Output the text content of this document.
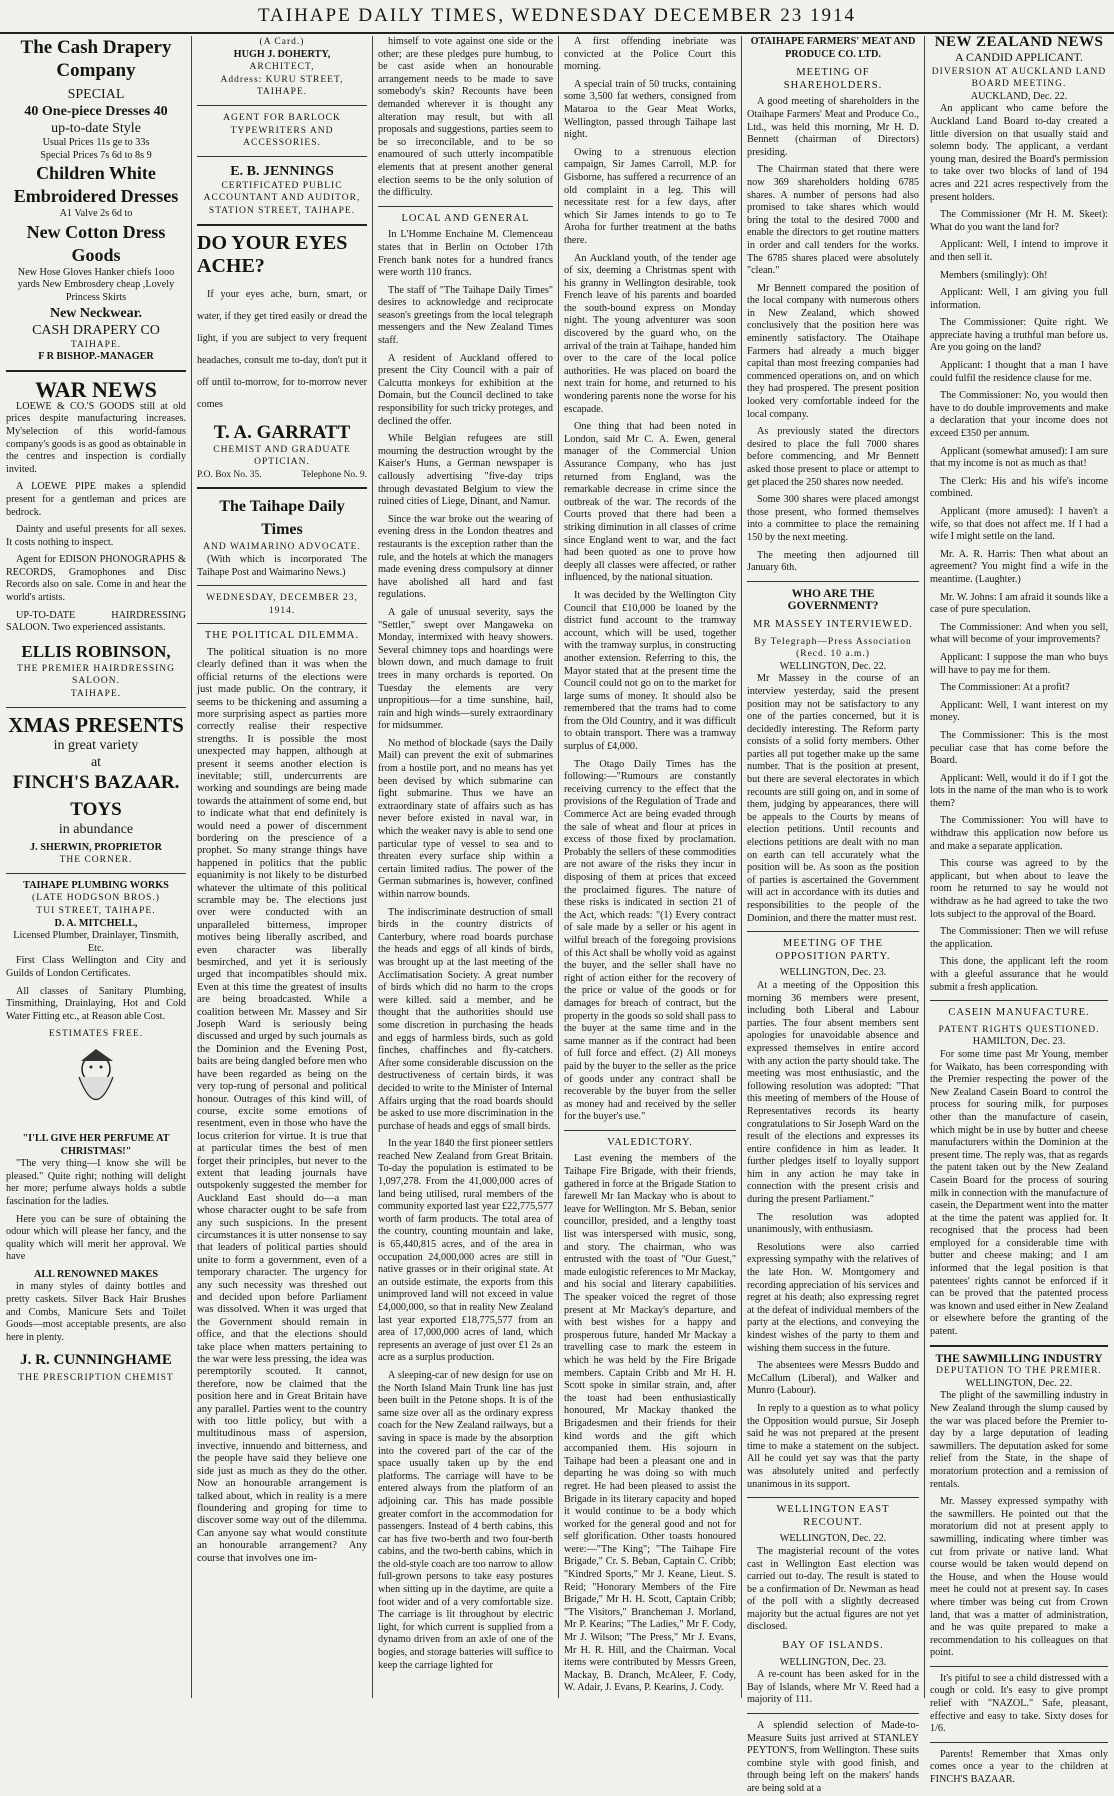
TAIHAPE DAILY TIMES, WEDNESDAY DECEMBER 23 1914
The Cash Drapery Company
SPECIAL
40 One-piece Dresses 40
up-to-date Style
Usual Prices 11s ge to 33s
Special Prices 7s 6d to 8s 9
Children White Embroidered Dresses
A1 Valve 2s 6d to
New Cotton Dress Goods
New Hose Gloves Hanker chiefs 1ooo yards New Embrosdery cheap ,Lovely Princess Skirts
New Neckwear.
CASH DRAPERY CO
TAIHAPE.
F R BISHOP.-MANAGER
WAR NEWS

LOEWE & CO.'S GOODS still at old prices despite manufacturing increases. My'selection of this world-famous company's goods is as good as obtainable in the centres and inspection is cordially invited.

A LOEWE PIPE makes a splendid present for a gentleman and prices are bedrock.

Dainty and useful presents for all sexes. It costs nothing to inspect.

Agent for EDISON PHONOGRAPHS & RECORDS, Gramophones and Disc Records also on sale. Come in and hear the world's artists.

UP-TO-DATE HAIRDRESSING SALOON. Two experienced assistants.

ELLIS ROBINSON,
THE PREMIER HAIRDRESSING SALOON.
TAIHAPE.
XMAS PRESENTS
in great variety
at
FINCH'S BAZAAR.
TOYS
in abundance
J. SHERWIN, PROPRIETOR
THE CORNER.
TAIHAPE PLUMBING WORKS
(LATE HODGSON BROS.)
TUI STREET, TAIHAPE.
D. A. MITCHELL,
Licensed Plumber, Drainlayer, Tinsmith, Etc.

First Class Wellington and City and Guilds of London Certificates.

All classes of Sanitary Plumbing, Tinsmithing, Drainlaying, Hot and Cold Water Fitting etc., at Reason able Cost.

ESTIMATES FREE.
"I'LL GIVE HER PERFUME AT CHRISTMAS!"

"The very thing—I know she will be pleased." Quite right; nothing will delight her more; perfume always holds a subtle fascination for the ladies.

Here you can be sure of obtaining the odour which will please her fancy, and the quality which will merit her approval. We have

ALL RENOWNED MAKES

in many styles of dainty bottles and pretty caskets. Silver Back Hair Brushes and Combs, Manicure Sets and Toilet Goods—most acceptable presents, are also here in plenty.

J. R. CUNNINGHAME
THE PRESCRIPTION CHEMIST
(A Card.)
HUGH J. DOHERTY,
ARCHITECT,
Address: KURU STREET, TAIHAPE.
AGENT FOR BARLOCK TYPEWRITERS AND ACCESSORIES.
E. B. JENNINGS
CERTIFICATED PUBLIC ACCOUNTANT AND AUDITOR,
STATION STREET, TAIHAPE.
DO YOUR EYES ACHE?

If your eyes ache, burn, smart, or water, if they get tired easily or dread the light, if you are subject to very frequent headaches, consult me to-day, don't put it off until to-morrow, for to-morrow never comes

T. A. GARRATT
CHEMIST AND GRADUATE OPTICIAN.
P.O. Box No. 35.	Telephone No. 9.
The Taihape Daily Times
AND WAIMARINO ADVOCATE.

(With which is incorporated The Taihape Post and Waimarino News.)

WEDNESDAY, DECEMBER 23, 1914.
THE POLITICAL DILEMMA.

The political situation is no more clearly defined than it was when the official returns of the elections were just made public. On the contrary, it seems to be thickening and assuming a more surprising aspect as parties more correctly realise their respective strengths. It is possible the most unexpected may happen, although at present it seems another election is inevitable; still, undercurrents are working and soundings are being made towards the attainment of some end, but to indicate what that end definitely is would need a power of discernment bordering on the prescience of a prophet. So many strange things have happened in politics that the public equanimity is not likely to be disturbed whatever the ultimate of this political scramble may be. The elections just over were conducted with an unparalleled bitterness, improper motives being liberally ascribed, and even character was liberally besmirched, and yet it is seriously urged that incompatibles should mix. Even at this time the greatest of insults are being broadcasted. While a coalition between Mr. Massey and Sir Joseph Ward is seriously being discussed and urged by such journals as the Dominion and the Evening Post, baits are being dangled before men who have been regarded as being on the very top-rung of personal and political honour. Outrages of this kind will, of course, excite some emotions of resentment, even in those who have the locus criterion for virtue. It is true that at particular times the best of men forget their principles, but never to the extent that leading journals have outspokenly suggested the member for Auckland East should do—a man whose character ought to be safe from any such suspicions. In the present circumstances it is utter nonsense to say that leaders of political parties should unite to form a government, even of a temporary character. The urgency for any such necessity was threshed out and decided upon before Parliament was dissolved. When it was urged that the Government should remain in office, and that the elections should take place when matters pertaining to the war were less pressing, the idea was peremptorily scouted. It cannot, therefore, now be claimed that the position here and in Great Britain have any parallel. Parties went to the country with too little policy, but with a multitudinous mass of aspersion, invective, innuendo and bitterness, and the people have said they believe one side just as much as they do the other. Now an honourable arrangement is talked about, which in reality is a mere floundering and groping for time to discover some way out of the dilemma. Can anyone say what would constitute an honourable arrangement? Any course that involves one im-

himself to vote against one side or the other; are these pledges pure humbug, to be cast aside when an honourable arrangement needs to be made to save somebody's skin? Recounts have been demanded wherever it is thought any alteration may result, but with all proposals and suggestions, parties seem to be so irreconcilable, and to be so enamoured of such utterly incompatible elements that at present another general election seems to be the only solution of the difficulty.

LOCAL AND GENERAL

In L'Homme Enchaine M. Clemenceau states that in Berlin on October 17th French bank notes for a hundred francs were worth 110 francs.

The staff of "The Taihape Daily Times" desires to acknowledge and reciprocate season's greetings from the local telegraph messengers and the New Zealand Times staff.

A resident of Auckland offered to present the City Council with a pair of Calcutta monkeys for exhibition at the Domain, but the Council declined to take responsibility for such tricky proteges, and declined the offer.

While Belgian refugees are still mourning the destruction wrought by the Kaiser's Huns, a German newspaper is callously advertising "five-day trips through devastated Belgium to view the ruined cities of Liege, Dinant, and Namur.

Since the war broke out the wearing of evening dress in the London theatres and restaurants is the exception rather than the rule, and the hotels at which the managers made evening dress compulsory at dinner have abolished all hard and fast regulations.

A gale of unusual severity, says the "Settler," swept over Mangaweka on Monday, intermixed with heavy showers. Several chimney tops and hoardings were blown down, and much damage to fruit trees in many orchards is reported. On Tuesday the elements are very unpropitious—for a time sunshine, hail, rain and high winds—surely extraordinary for midsummer.

No method of blockade (says the Daily Mail) can prevent the exit of submarines from a hostile port, and no means has yet been devised by which submarine can fight submarine. Thus we have an extraordinary state of affairs such as has never before existed in naval war, in which the weaker navy is able to send one particular type of vessel to sea and to threaten every surface ship within a certain limited radius. The power of the German submarines is, however, confined within narrow bounds.

The indiscriminate destruction of small birds in the country districts of Canterbury, where road boards purchase the heads and eggs of all kinds of birds, was brought up at the last meeting of the Acclimatisation Society. A great number of birds which did no harm to the crops were killed. said a member, and he thought that the authorities should use some discretion in purchasing the heads and eggs of harmless birds, such as gold finches, chaffinches and fly-catchers. After some considerable discussion on the destructiveness of certain birds, it was decided to write to the Minister of Internal Affairs urging that the road boards should be asked to use more discrimination in the purchase of heads and eggs of small birds.

In the year 1840 the first pioneer settlers reached New Zealand from Great Britain. To-day the population is estimated to be 1,097,278. From the 41,000,000 acres of land being utilised, rural members of the community exported last year £22,775,577 worth of farm products. The total area of the country, counting mountain and lake, is 65,440,815 acres, and of the area in occupation 24,000,000 acres are still in native grasses or in their original state. At an outside estimate, the exports from this unimproved land will not exceed in value £4,000,000, so that in reality New Zealand last year exported £18,775,577 from an area of 17,000,000 acres of land, which represents an average of just over £1 2s an acre as a surplus production.

A sleeping-car of new design for use on the North Island Main Trunk line has just been built in the Petone shops. It is of the same size over all as the ordinary express coach for the New Zealand railways, but a saving in space is made by the absorption into the covered part of the car of the space usually taken up by the end platforms. The carriage will have to be entered always from the platform of an adjoining car. This has made possible greater comfort in the accommodation for passengers. Instead of 4 berth cabins, this car has five two-berth and two four-berth cabins, and the two-berth cabins, which in the old-style coach are too narrow to allow full-grown persons to take easy postures when sitting up in the daytime, are quite a foot wider and of a very comfortable size. The carriage is lit throughout by electric light, for which current is supplied from a dynamo driven from an axle of one of the bogies, and storage batteries will suffice to keep the carriage lighted for

A first offending inebriate was convicted at the Police Court this morning.

A special train of 50 trucks, containing some 3,500 fat wethers, consigned from Mataroa to the Gear Meat Works, Wellington, passed through Taihape last night.

Owing to a strenuous election campaign, Sir James Carroll, M.P. for Gisborne, has suffered a recurrence of an old complaint in a leg. This will necessitate rest for a few days, after which Sir James intends to go to Te Aroha for further treatment at the baths there.

An Auckland youth, of the tender age of six, deeming a Christmas spent with his granny in Wellington desirable, took French leave of his parents and boarded the south-bound express on Monday night. The young adventurer was soon discovered by the guard who, on the arrival of the train at Taihape, handed him over to the care of the local police authorities. He was placed on board the next train for home, and returned to his wondering parents none the worse for his escapade.

One thing that had been noted in London, said Mr C. A. Ewen, general manager of the Commercial Union Assurance Company, who has just returned from England, was the remarkable decrease in crime since the outbreak of the war. The records of the Courts proved that there had been a striking diminution in all classes of crime since England went to war, and the fact had been quoted as one to prove how deeply all classes were affected, or rather influenced, by the national situation.

It was decided by the Wellington City Council that £10,000 be loaned by the district fund account to the tramway account, which will be used, together with the tramway surplus, in constructing another extension. Referring to this, the Mayor stated that at the present time the Council could not go on to the market for large sums of money. It should also be remembered that the trams had to come from the Old Country, and it was difficult to obtain transport. There was a tramway surplus of £4,000.

The Otago Daily Times has the following:—"Rumours are constantly receiving currency to the effect that the provisions of the Regulation of Trade and Commerce Act are being evaded through the sale of wheat and flour at prices in excess of those fixed by proclamation. Probably the sellers of these commodities are not aware of the risks they incur in disposing of them at prices that exceed the proclaimed figures. The nature of these risks is indicated in section 21 of the Act, which reads: "(1) Every contract of sale made by a seller or his agent in wilful breach of the foregoing provisions of this Act shall be wholly void as against the buyer, and the seller shall have no right of action either for the recovery of the price or value of the goods or for damages for breach of contract, but the property in the goods so sold shall pass to the buyer at the same time and in the same manner as if the contract had been of full force and effect. (2) All moneys paid by the buyer to the seller as the price of goods under any contract shall be recoverable by the buyer from the seller as money had and received by the seller for the buyer's use."

VALEDICTORY.

Last evening the members of the Taihape Fire Brigade, with their friends, gathered in force at the Brigade Station to farewell Mr Ian Mackay who is about to leave for Wellington. Mr S. Beban, senior councillor, presided, and a lengthy toast list was interspersed with music, song, and story. The chairman, who was entrusted with the toast of "Our Guest," made eulogistic references to Mr Mackay, and his social and literary capabilities. The speaker voiced the regret of those present at Mr Mackay's departure, and with best wishes for a happy and prosperous future, handed Mr Mackay a travelling case to mark the esteem in which he was held by the Fire Brigade members. Captain Cribb and Mr H. H. Scott spoke in similar strain, and, after the toast had been enthusiastically honoured, Mr Mackay thanked the Brigadesmen and their friends for their kind words and the gift which accompanied them. His sojourn in Taihape had been a pleasant one and in departing he was doing so with much regret. He had been pleased to assist the Brigade in its literary capacity and hoped it would continue to be a body which worked for the general good and not for self glorification. Other toasts honoured were:—"The King"; "The Taihape Fire Brigade," Cr. S. Beban, Captain C. Cribb; "Kindred Sports," Mr J. Keane, Lieut. S. Reid; "Honorary Members of the Fire Brigade," Mr H. H. Scott, Captain Cribb; "The Visitors," Brancheman J. Morland, Mr P. Kearins; "The Ladies," Mr F. Cody, Mr J. Wilson; "The Press," Mr J. Evans, Mr H. R. Hill, and the Chairman. Vocal items were contributed by Messrs Green, Mackay, B. Dranch, McAleer, F. Cody, W. Adair, J. Evans, P. Kearins, J. Cody.

OTAIHAPE FARMERS' MEAT AND PRODUCE CO. LTD.
MEETING OF SHAREHOLDERS.

A good meeting of shareholders in the Otaihape Farmers' Meat and Produce Co., Ltd., was held this morning, Mr H. D. Bennett (chairman of Directors) presiding.

The Chairman stated that there were now 369 shareholders holding 6785 shares. A number of persons had also promised to take shares which would bring the total to the desired 7000 and enable the directors to get routine matters in order and call tenders for the works. The 6785 shares placed were absolutely "clean."

Mr Bennett compared the position of the local company with numerous others in New Zealand, which showed conclusively that the position here was eminently satisfactory. The Otaihape Farmers had already a much bigger capital than most freezing companies had commenced operations on, and on which they had prospered. The present position looked very comfortable indeed for the local company.

As previously stated the directors desired to place the full 7000 shares before commencing, and Mr Bennett asked those present to place or attempt to get placed the 250 shares now needed.

Some 300 shares were placed amongst those present, who formed themselves into a committee to place the remaining 150 by the next meeting.

The meeting then adjourned till January 6th.

WHO ARE THE GOVERNMENT?
MR MASSEY INTERVIEWED.
By Telegraph—Press Association (Recd. 10 a.m.)
WELLINGTON, Dec. 22.

Mr Massey in the course of an interview yesterday, said the present position may not be satisfactory to any one of the parties concerned, but it is decidedly interesting. The Reform party consists of a solid forty members. Other parties all put together make up the same number. That is the position at present, but there are several electorates in which recounts are still going on, and in some of them, judging by appearances, there will be appeals to the Courts by means of election petitions. Until recounts and elections petitions are dealt with no man on earth can tell accurately what the position will be. As soon as the position of parties is ascertained the Government will act in accordance with its duties and responsibilities to the people of the Dominion, and there the matter must rest.

MEETING OF THE OPPOSITION PARTY.
WELLINGTON, Dec. 23.

At a meeting of the Opposition this morning 36 members were present, including both Liberal and Labour parties. The four absent members sent apologies for unavoidable absence and expressed themselves in entire accord with any action the party should take. The meeting was most enthusiastic, and the following resolution was adopted: "That this meeting of members of the House of Representatives records its hearty congratulations to Sir Joseph Ward on the result of the elections and expresses its entire confidence in him as leader. It further pledges itself to loyally support him in any action he may take in connection with the present crisis and during the present Parliament."

The resolution was adopted unanimously, with enthusiasm.

Resolutions were also carried expressing sympathy with the relatives of the late Hon. W. Montgomery and recording appreciation of his services and regret at his death; also expressing regret at the defeat of individual members of the party at the elections, and conveying the kindest wishes of the party to them and wishing them success in the future.

The absentees were Messrs Buddo and McCallum (Liberal), and Walker and Munro (Labour).

In reply to a question as to what policy the Opposition would pursue, Sir Joseph said he was not prepared at the present time to make a statement on the subject. All he could yet say was that the party was absolutely united and perfectly unanimous in its support.

WELLINGTON EAST RECOUNT.
WELLINGTON, Dec. 22.

The magisterial recount of the votes cast in Wellington East election was carried out to-day. The result is stated to be a confirmation of Dr. Newman as head of the poll with a slightly decreased majority but the actual figures are not yet disclosed.

BAY OF ISLANDS.
WELLINGTON, Dec. 23.

A re-count has been asked for in the Bay of Islands, where Mr V. Reed had a majority of 111.

A splendid selection of Made-to-Measure Suits just arrived at STANLEY PEYTON'S, from Wellington. These suits combine style with good finish, and through being left on the makers' hands are being sold at a

NEW ZEALAND NEWS
A CANDID APPLICANT.
DIVERSION AT AUCKLAND LAND BOARD MEETING.
AUCKLAND, Dec. 22.

An applicant who came before the Auckland Land Board to-day created a little diversion on that usually staid and solemn body. The applicant, a verdant young man, desired the Board's permission to take over two blocks of land of 194 acres and 221 acres respectively from the present holders.

The Commissioner (Mr H. M. Skeet): What do you want the land for?

Applicant: Well, I intend to improve it and then sell it.

Members (smilingly): Oh!

Applicant: Well, I am giving you full information.

The Commissioner: Quite right. We appreciate having a truthful man before us. Are you going on the land?

Applicant: I thought that a man I have could fulfil the residence clause for me.

The Commissioner: No, you would then have to do double improvements and make a declaration that your income does not exceed £350 per annum.

Applicant (somewhat amused): I am sure that my income is not as much as that!

The Clerk: His and his wife's income combined.

Applicant (more amused): I haven't a wife, so that does not affect me. If I had a wife I might settle on the land.

Mr. A. R. Harris: Then what about an agreement? You might find a wife in the meantime. (Laughter.)

Mr. W. Johns: I am afraid it sounds like a case of pure speculation.

The Commissioner: And when you sell, what will become of your improvements?

Applicant: I suppose the man who buys will have to pay me for them.

The Commissioner: At a profit?

Applicant: Well, I want interest on my money.

The Commissioner: This is the most peculiar case that has come before the Board.

Applicant: Well, would it do if I got the lots in the name of the man who is to work them?

The Commissioner: You will have to withdraw this application now before us and make a separate application.

This course was agreed to by the applicant, but when about to leave the room he returned to say he would not withdraw as he had agreed to take the two lots subject to the approval of the Board.

The Commissioner: Then we will refuse the application.

This done, the applicant left the room with a gleeful assurance that he would submit a fresh application.

CASEIN MANUFACTURE.
PATENT RIGHTS QUESTIONED.
HAMILTON, Dec. 23.

For some time past Mr Young, member for Waikato, has been corresponding with the Premier respecting the power of the New Zealand Casein Board to control the process for souring milk, for purposes other than the manufacture of casein, which might be in use by butter and cheese manufacturers within the Dominion at the present time. The reply was, that as regards the patent taken out by the New Zealand Casein Board for the process of souring milk in connection with the manufacture of casein, the Department went into the matter at the time the patent was applied for. It recognised that the process had been employed for a considerable time with butter and cheese making; and I am informed that the legal position is that patentees' rights cannot be enforced if it can be proved that the patented process was known and used either in New Zealand or elsewhere before the granting of the patent.

THE SAWMILLING INDUSTRY
DEPUTATION TO THE PREMIER.
WELLINGTON, Dec. 22.

The plight of the sawmilling industry in New Zealand through the slump caused by the war was placed before the Premier to-day by a large deputation of leading sawmillers. The deputation asked for some relief from the State, in the shape of moratorium protection and a remission of rentals.

Mr. Massey expressed sympathy with the sawmillers. He pointed out that the moratorium did not at present apply to sawmilling, indicating where timber was cut from private or native land. What course would be taken would depend on the House, and when the House would meet he could not at present say. In cases where timber was being cut from Crown land, that was a matter of administration, and he was quite prepared to make a recommendation to his colleagues on that point.

It's pitiful to see a child distressed with a cough or cold. It's easy to give prompt relief with "NAZOL." Safe, pleasant, effective and easy to take. Sixty doses for 1/6.

Parents! Remember that Xmas only comes once a year to the children at FINCH'S BAZAAR.
